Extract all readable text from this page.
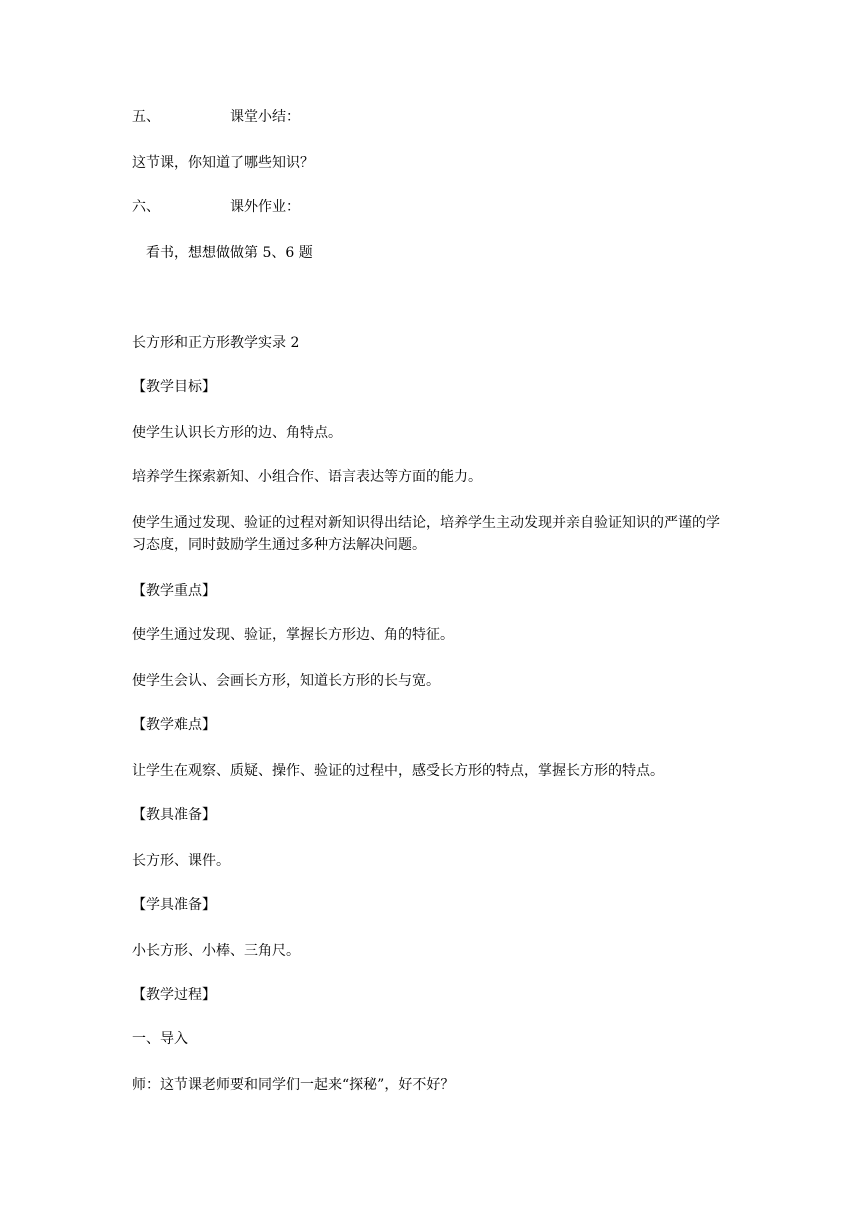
五、	课堂小结：
这节课，你知道了哪些知识？
六、	课外作业：
看书，想想做做第 5、6 题
长方形和正方形教学实录 2
【教学目标】
使学生认识长方形的边、角特点。
培养学生探索新知、小组合作、语言表达等方面的能力。
使学生通过发现、验证的过程对新知识得出结论，培养学生主动发现并亲自验证知识的严谨的学习态度，同时鼓励学生通过多种方法解决问题。
【教学重点】
使学生通过发现、验证，掌握长方形边、角的特征。
使学生会认、会画长方形，知道长方形的长与宽。
【教学难点】
让学生在观察、质疑、操作、验证的过程中，感受长方形的特点，掌握长方形的特点。
【教具准备】
长方形、课件。
【学具准备】
小长方形、小棒、三角尺。
【教学过程】
一、导入
师：这节课老师要和同学们一起来“探秘”，好不好？
